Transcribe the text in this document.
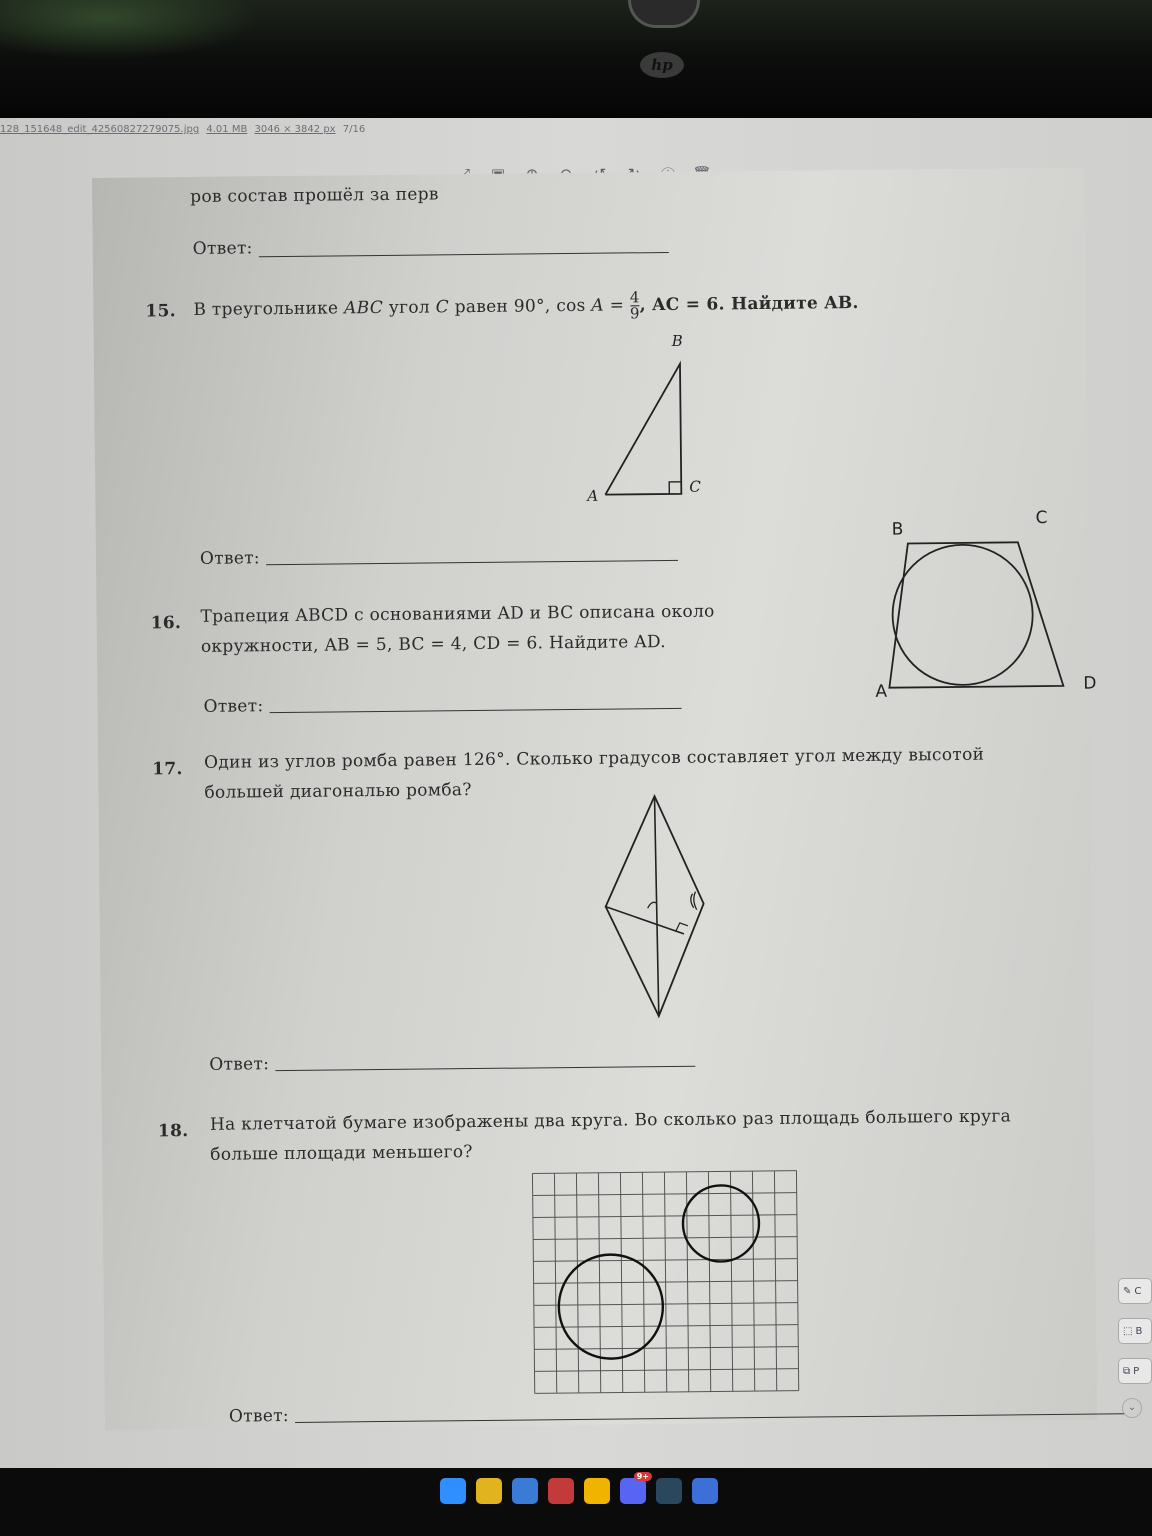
hp
128_151648_edit_42560827279075.jpg 4.01 MB 3046 × 3842 px 7/16
ров состав прошёл за перв
Ответ:
15. В треугольнике ABC угол C равен 90°, $\cos A = \frac{4}{9}$ , AC = 6. Найдите AB.
B
A
C
Ответ:
16. Трапеция ABCD с основаниями AD и BC описана около
окружности, AB = 5, BC = 4, CD = 6. Найдите AD.
B
C
A	D
Ответ:
17. Один из углов ромба равен 126°. Сколько градусов составляет угол между высотой
большей диагональю ромба?
Ответ:
18. На клетчатой бумаге изображены два круга. Во сколько раз площадь большего круга
больше площади меньшего?
Ответ:
✎ C
⬚ B
⧉ P
⌄
9+
